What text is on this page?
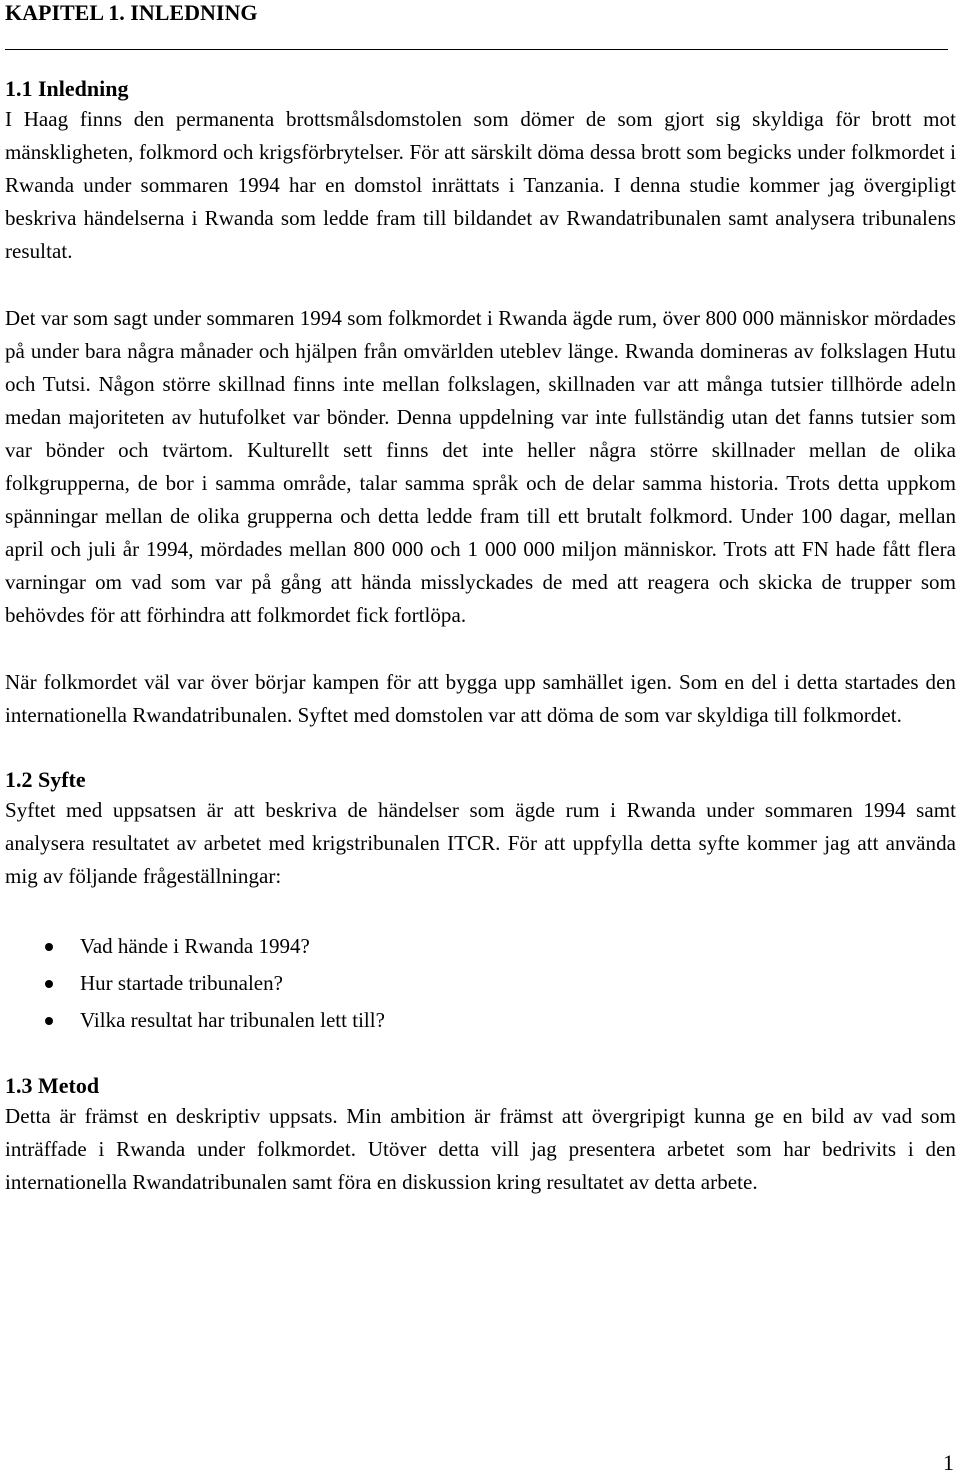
KAPITEL 1. INLEDNING
1.1 Inledning

I Haag finns den permanenta brottsmålsdomstolen som dömer de som gjort sig skyldiga för brott mot mänskligheten, folkmord och krigsförbrytelser. För att särskilt döma dessa brott som begicks under folkmordet i Rwanda under sommaren 1994 har en domstol inrättats i Tanzania. I denna studie kommer jag övergipligt beskriva händelserna i Rwanda som ledde fram till bildandet av Rwandatribunalen samt analysera tribunalens resultat.

Det var som sagt under sommaren 1994 som folkmordet i Rwanda ägde rum, över 800 000 människor mördades på under bara några månader och hjälpen från omvärlden uteblev länge. Rwanda domineras av folkslagen Hutu och Tutsi. Någon större skillnad finns inte mellan folkslagen, skillnaden var att många tutsier tillhörde adeln medan majoriteten av hutufolket var bönder. Denna uppdelning var inte fullständig utan det fanns tutsier som var bönder och tvärtom. Kulturellt sett finns det inte heller några större skillnader mellan de olika folkgrupperna, de bor i samma område, talar samma språk och de delar samma historia. Trots detta uppkom spänningar mellan de olika grupperna och detta ledde fram till ett brutalt folkmord. Under 100 dagar, mellan april och juli år 1994, mördades mellan 800 000 och 1 000 000 miljon människor. Trots att FN hade fått flera varningar om vad som var på gång att hända misslyckades de med att reagera och skicka de trupper som behövdes för att förhindra att folkmordet fick fortlöpa.

När folkmordet väl var över börjar kampen för att bygga upp samhället igen. Som en del i detta startades den internationella Rwandatribunalen. Syftet med domstolen var att döma de som var skyldiga till folkmordet.

1.2 Syfte

Syftet med uppsatsen är att beskriva de händelser som ägde rum i Rwanda under sommaren 1994 samt analysera resultatet av arbetet med krigstribunalen ITCR. För att uppfylla detta syfte kommer jag att använda mig av följande frågeställningar:

Vad hände i Rwanda 1994?
Hur startade tribunalen?
Vilka resultat har tribunalen lett till?
1.3 Metod

Detta är främst en deskriptiv uppsats. Min ambition är främst att övergripigt kunna ge en bild av vad som inträffade i Rwanda under folkmordet. Utöver detta vill jag presentera arbetet som har bedrivits i den internationella Rwandatribunalen samt föra en diskussion kring resultatet av detta arbete.

1
